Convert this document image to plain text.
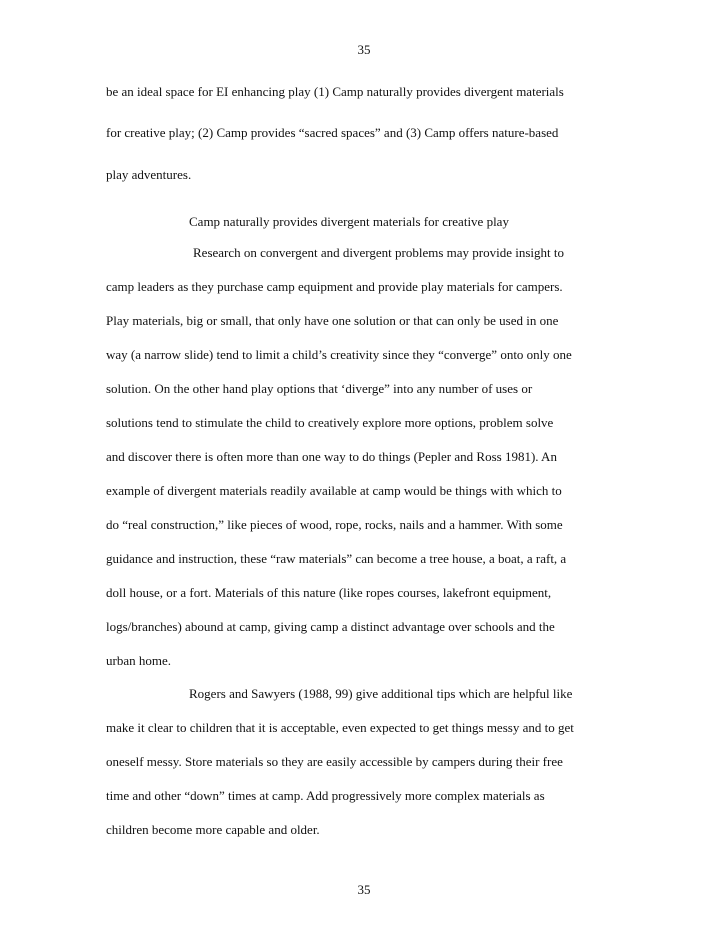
35
be an ideal space for EI enhancing play (1) Camp naturally provides divergent materials
for creative play; (2) Camp provides “sacred spaces” and (3) Camp offers nature-based
play adventures.
Camp naturally provides divergent materials for creative play
Research on convergent and divergent problems may provide insight to
camp leaders as they purchase camp equipment and provide play materials for campers.
Play materials, big or small, that only have one solution or that can only be used in one
way (a narrow slide) tend to limit a child’s creativity since they “converge” onto only one
solution. On the other hand play options that ‘diverge” into any number of uses or
solutions tend to stimulate the child to creatively explore more options, problem solve
and discover there is often more than one way to do things (Pepler and Ross 1981). An
example of divergent materials readily available at camp would be things with which to
do “real construction,” like pieces of wood, rope, rocks, nails and a hammer. With some
guidance and instruction, these “raw materials” can become a tree house, a boat, a raft, a
doll house, or a fort. Materials of this nature (like ropes courses, lakefront equipment,
logs/branches) abound at camp, giving camp a distinct advantage over schools and the
urban home.
Rogers and Sawyers (1988, 99) give additional tips which are helpful like
make it clear to children that it is acceptable, even expected to get things messy and to get
oneself messy. Store materials so they are easily accessible by campers during their free
time and other “down” times at camp. Add progressively more complex materials as
children become more capable and older.
35
